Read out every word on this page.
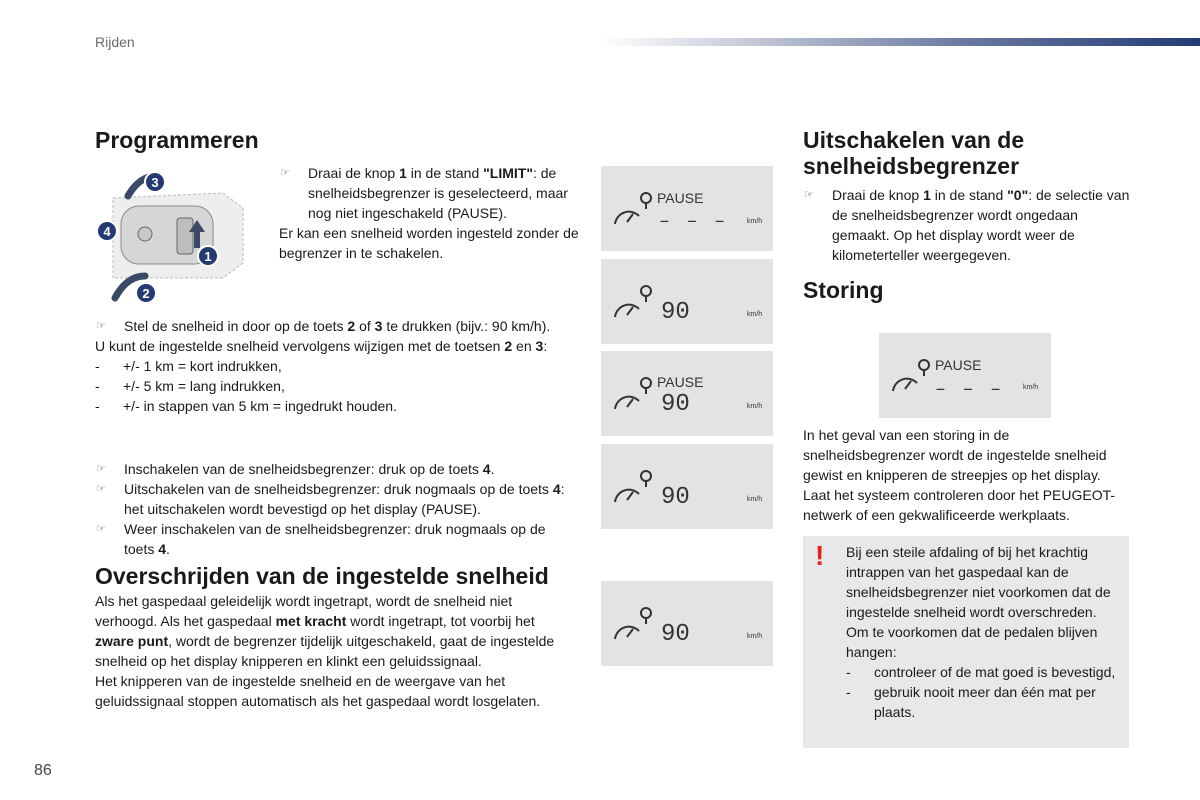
Rijden
Programmeren
3
4
1
2
☞	Draai de knop 1 in de stand "LIMIT": de snelheidsbegrenzer is geselecteerd, maar nog niet ingeschakeld (PAUSE).
Er kan een snelheid worden ingesteld zonder de begrenzer in te schakelen.
☞	Stel de snelheid in door op de toets 2 of 3 te drukken (bijv.: 90 km/h).
U kunt de ingestelde snelheid vervolgens wijzigen met de toetsen 2 en 3:
-	+/- 1 km = kort indrukken,
-	+/- 5 km = lang indrukken,
-	+/- in stappen van 5 km = ingedrukt houden.
☞	Inschakelen van de snelheidsbegrenzer: druk op de toets 4.
☞	Uitschakelen van de snelheidsbegrenzer: druk nogmaals op de toets 4: het uitschakelen wordt bevestigd op het display (PAUSE).
☞	Weer inschakelen van de snelheidsbegrenzer: druk nogmaals op de toets 4.
Overschrijden van de ingestelde snelheid
Als het gaspedaal geleidelijk wordt ingetrapt, wordt de snelheid niet verhoogd. Als het gaspedaal met kracht wordt ingetrapt, tot voorbij het zware punt, wordt de begrenzer tijdelijk uitgeschakeld, gaat de ingestelde snelheid op het display knipperen en klinkt een geluidssignaal.
Het knipperen van de ingestelde snelheid en de weergave van het geluidssignaal stoppen automatisch als het gaspedaal wordt losgelaten.
PAUSE
– – –	km/h
90	km/h
PAUSE
90	km/h
90	km/h
90	km/h
Uitschakelen van de snelheidsbegrenzer
☞	Draai de knop 1 in de stand "0": de selectie van de snelheidsbegrenzer wordt ongedaan gemaakt. Op het display wordt weer de kilometerteller weergegeven.
Storing
PAUSE
– – –	km/h
In het geval van een storing in de snelheidsbegrenzer wordt de ingestelde snelheid gewist en knipperen de streepjes op het display. Laat het systeem controleren door het PEUGEOT-netwerk of een gekwalificeerde werkplaats.
! Bij een steile afdaling of bij het krachtig intrappen van het gaspedaal kan de snelheidsbegrenzer niet voorkomen dat de ingestelde snelheid wordt overschreden.
Om te voorkomen dat de pedalen blijven hangen:
-	controleer of de mat goed is bevestigd,
-	gebruik nooit meer dan één mat per plaats.
86
